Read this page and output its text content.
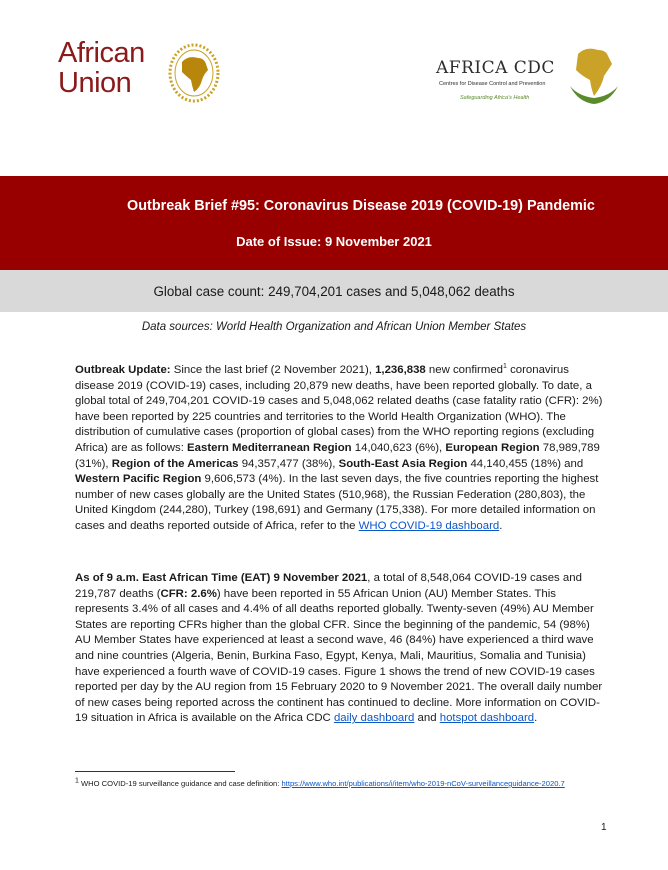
African
Union	AFRICA CDC
Centres for Disease Control and Prevention
Safeguarding Africa's Health
Outbreak Brief #95: Coronavirus Disease 2019 (COVID-19) Pandemic
Date of Issue: 9 November 2021
Global case count: 249,704,201 cases and 5,048,062 deaths
Data sources: World Health Organization and African Union Member States
Outbreak Update: Since the last brief (2 November 2021), 1,236,838 new confirmed$^1$ coronavirus disease 2019 (COVID-19) cases, including 20,879 new deaths, have been reported globally. To date, a global total of 249,704,201 COVID-19 cases and 5,048,062 related deaths (case fatality ratio (CFR): 2%) have been reported by 225 countries and territories to the World Health Organization (WHO). The distribution of cumulative cases (proportion of global cases) from the WHO reporting regions (excluding Africa) are as follows: Eastern Mediterranean Region 14,040,623 (6%), European Region 78,989,789 (31%), Region of the Americas 94,357,477 (38%), South-East Asia Region 44,140,455 (18%) and Western Pacific Region 9,606,573 (4%). In the last seven days, the five countries reporting the highest number of new cases globally are the United States (510,968), the Russian Federation (280,803), the United Kingdom (244,280), Turkey (198,691) and Germany (175,338). For more detailed information on cases and deaths reported outside of Africa, refer to the WHO COVID-19 dashboard.
As of 9 a.m. East African Time (EAT) 9 November 2021, a total of 8,548,064 COVID-19 cases and 219,787 deaths (CFR: 2.6%) have been reported in 55 African Union (AU) Member States. This represents 3.4% of all cases and 4.4% of all deaths reported globally. Twenty-seven (49%) AU Member States are reporting CFRs higher than the global CFR. Since the beginning of the pandemic, 54 (98%) AU Member States have experienced at least a second wave, 46 (84%) have experienced a third wave and nine countries (Algeria, Benin, Burkina Faso, Egypt, Kenya, Mali, Mauritius, Somalia and Tunisia) have experienced a fourth wave of COVID-19 cases. Figure 1 shows the trend of new COVID-19 cases reported per day by the AU region from 15 February 2020 to 9 November 2021. The overall daily number of new cases being reported across the continent has continued to decline. More information on COVID-19 situation in Africa is available on the Africa CDC daily dashboard and hotspot dashboard.
$^1$ WHO COVID-19 surveillance guidance and case definition: https://www.who.int/publications/i/item/who-2019-nCoV-surveillanceguidance-2020.7
1
